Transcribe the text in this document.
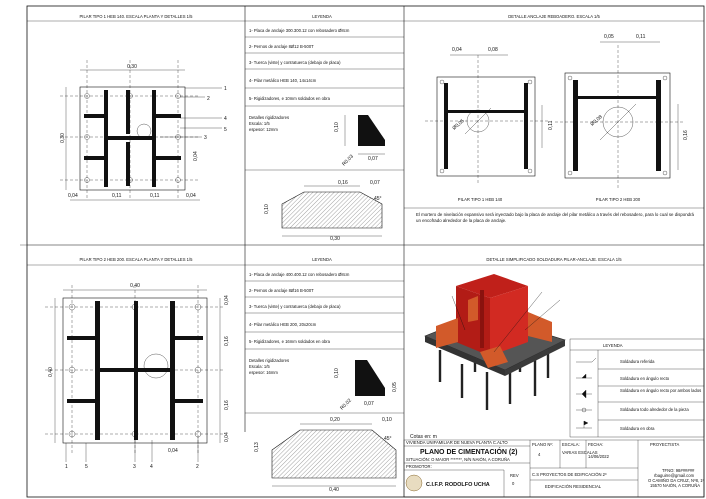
PILAR TIPO 1 HEB 140. ESCALA PLANTA Y DETALLES 1/5
0,30
0,30
0,04	0,11	0,11	0,04
0,04
1
2
3
4
5
LEYENDA
1- Placa de anclaje 300.300.12 con rebosadero Ø8cm
2- Pernos de anclaje 8Ø12 B-500T
3- Tuerca (viste) y contratuerca (debajo de placa)
4- Pilar metálico HEB 140, 14x14cm
5- Rigidizadores, e 10mm soldados en obra
Detalles rigidizadores
Escala: 1/5
espesor: 12mm	0,10
0,07
R0,03
0,30
0,16	0,07
0,10
45°
DETALLE ANCLAJE REBOADERO. ESCALA 1/5
Ø0,05
0,04	0,08
0,11
PILAR TIPO 1 HEB 140
Ø0,08
0,05	0,11
0,16
PILAR TIPO 2 HEB 200
PILAR TIPO 2 HEB 200. ESCALA PLANTA Y DETALLES 1/5
0,40
0,40
0,04
0,16
0,16
0,04
0,04
1	5	3	4	2
LEYENDA
1- Placa de anclaje 400.400.12 con rebosadero Ø8cm
2- Pernos de anclaje 8Ø16 B-500T
3- Tuerca (viste) y contratuerca (debajo de placa)
4- Pilar metálico HEB 200, 20x20cm
5- Rigidizadores, e 16mm soldados en obra
Detalles rigidizadores
Escala: 1/5
espesor: 16mm	0,10
0,05
0,07
R0,02
0,20	0,10
0,13
0,40
45°
DETALLE SIMPLIFICADO SOLDADURA PILAR-ANCLAJE. ESCALA 1/5
LEYENDA
Soldadura referida
Soldadura en ángulo recto
Soldadura en ángulo recto por ambos lados
Soldadura todo alrededor de la pieza
Soldadura en obra
Cotas en: m
VIVIENDA UNIFAMILIAR DE NUEVA PLANTA C.ALTO
PLANO DE CIMENTACIÓN (2)
SITUACIÓN: O MAIOR *******, N/N NAIÓN, A CORUÑA
PROMOTOR:
C.I.F.P. RODOLFO UCHA
REV
0
PLANO Nº:
4
ESCALA:
VARIAS ESCALAS
FECHA:
14/06/2022
PROYECTISTA
C.S PROYECTOS DE EDIFICACIÓN 2º
EDIFICACIÓN RESIDENCIAL
TFNO: 98######
rbaguirre@gmail.com
O CAMIÑO DA CRUZ, Nº8, 1º
15570 NAIÓN, A CORUÑA
El mortero de nivelación expansivo será inyectado bajo la placa de anclaje del pilar metálico a través del rebosadero, para lo cual se dispondrá un encofrado alrededor de la placa de anclaje.
